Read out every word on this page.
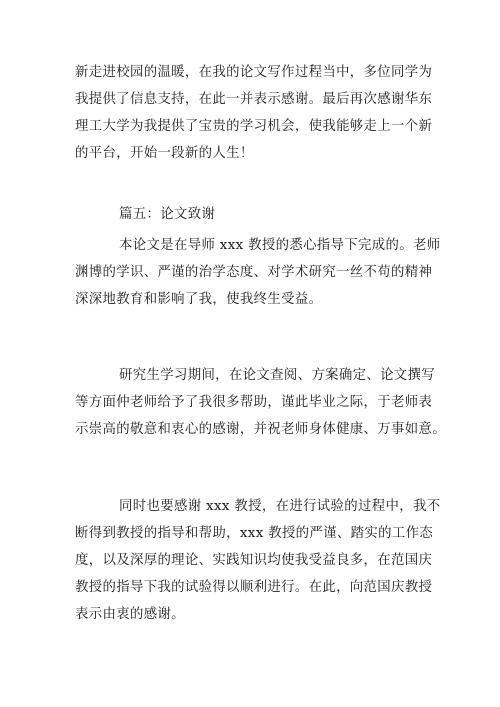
新走进校园的温暖，在我的论文写作过程当中，多位同学为
我提供了信息支持，在此一并表示感谢。最后再次感谢华东
理工大学为我提供了宝贵的学习机会，使我能够走上一个新
的平台，开始一段新的人生！
篇五：论文致谢
本论文是在导师 xxx 教授的悉心指导下完成的。老师
渊博的学识、严谨的治学态度、对学术研究一丝不苟的精神
深深地教育和影响了我，使我终生受益。
研究生学习期间，在论文查阅、方案确定、论文撰写
等方面仲老师给予了我很多帮助，谨此毕业之际，于老师表
示崇高的敬意和衷心的感谢，并祝老师身体健康、万事如意。
同时也要感谢 xxx 教授，在进行试验的过程中，我不
断得到教授的指导和帮助，xxx 教授的严谨、踏实的工作态
度，以及深厚的理论、实践知识均使我受益良多，在范国庆
教授的指导下我的试验得以顺利进行。在此，向范国庆教授
表示由衷的感谢。
